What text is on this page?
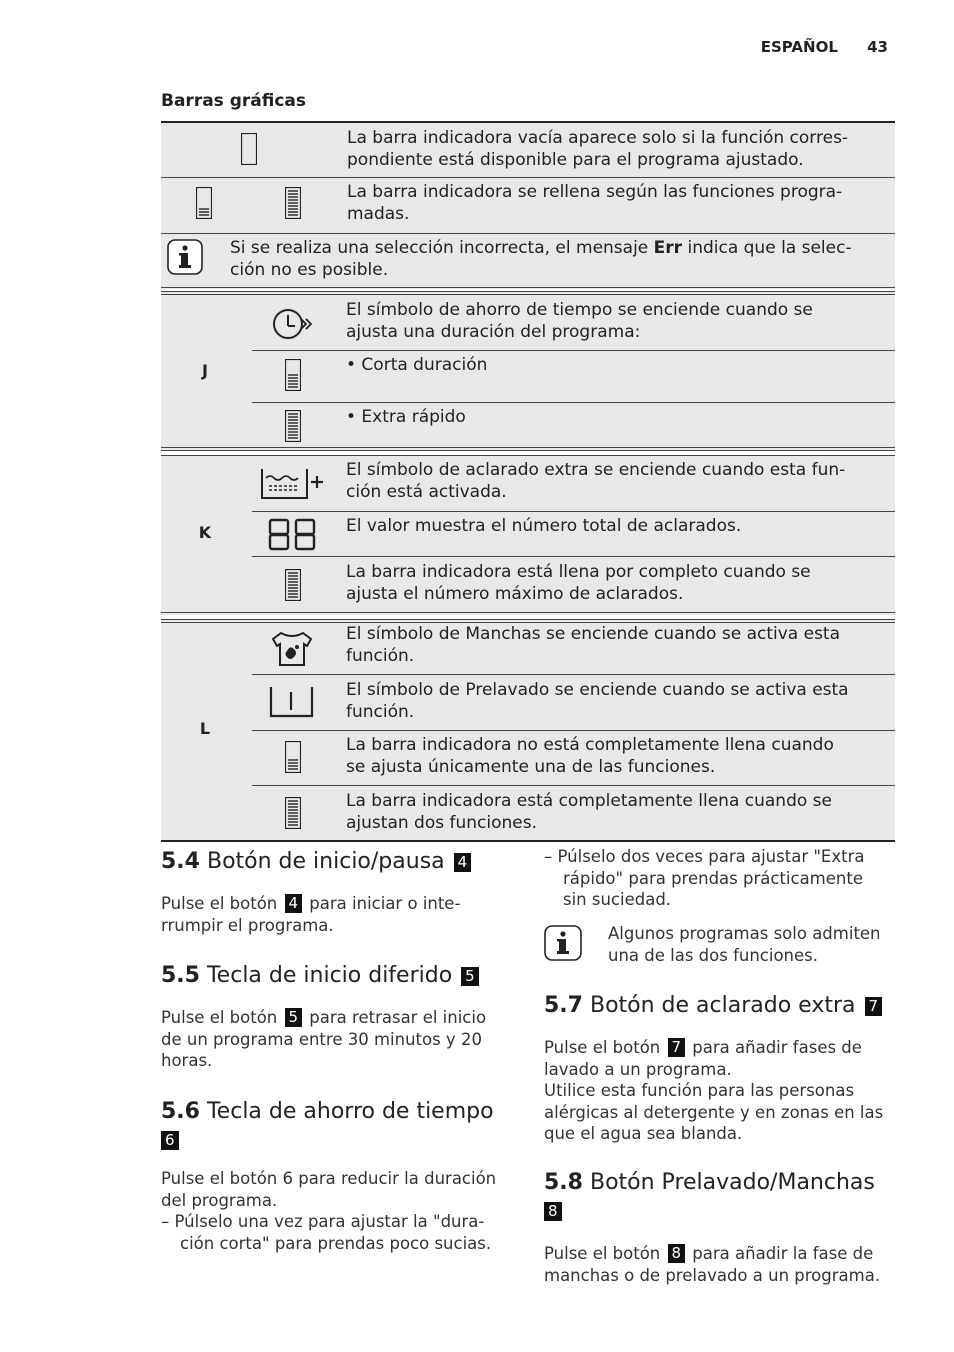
ESPAÑOL 43
Barras gráficas
La barra indicadora vacía aparece solo si la función corres-
pondiente está disponible para el programa ajustado.
La barra indicadora se rellena según las funciones progra-
madas.
Si se realiza una selección incorrecta, el mensaje Err indica que la selec-
ción no es posible.
J
El símbolo de ahorro de tiempo se enciende cuando se
ajusta una duración del programa:
• Corta duración
• Extra rápido
K
El símbolo de aclarado extra se enciende cuando esta fun-
ción está activada.
El valor muestra el número total de aclarados.
La barra indicadora está llena por completo cuando se
ajusta el número máximo de aclarados.
L
El símbolo de Manchas se enciende cuando se activa esta
función.
El símbolo de Prelavado se enciende cuando se activa esta
función.
La barra indicadora no está completamente llena cuando
se ajusta únicamente una de las funciones.
La barra indicadora está completamente llena cuando se
ajustan dos funciones.
5.4 Botón de inicio/pausa 4
Pulse el botón 4 para iniciar o inte-
rrumpir el programa.
5.5 Tecla de inicio diferido 5
Pulse el botón 5 para retrasar el inicio
de un programa entre 30 minutos y 20
horas.
5.6 Tecla de ahorro de tiempo
6
Pulse el botón 6 para reducir la duración
del programa.
– Púlselo una vez para ajustar la "dura-
ción corta" para prendas poco sucias.
– Púlselo dos veces para ajustar "Extra
rápido" para prendas prácticamente
sin suciedad.
Algunos programas solo admiten
una de las dos funciones.
5.7 Botón de aclarado extra 7
Pulse el botón 7 para añadir fases de
lavado a un programa.
Utilice esta función para las personas
alérgicas al detergente y en zonas en las
que el agua sea blanda.
5.8 Botón Prelavado/Manchas
8
Pulse el botón 8 para añadir la fase de
manchas o de prelavado a un programa.
